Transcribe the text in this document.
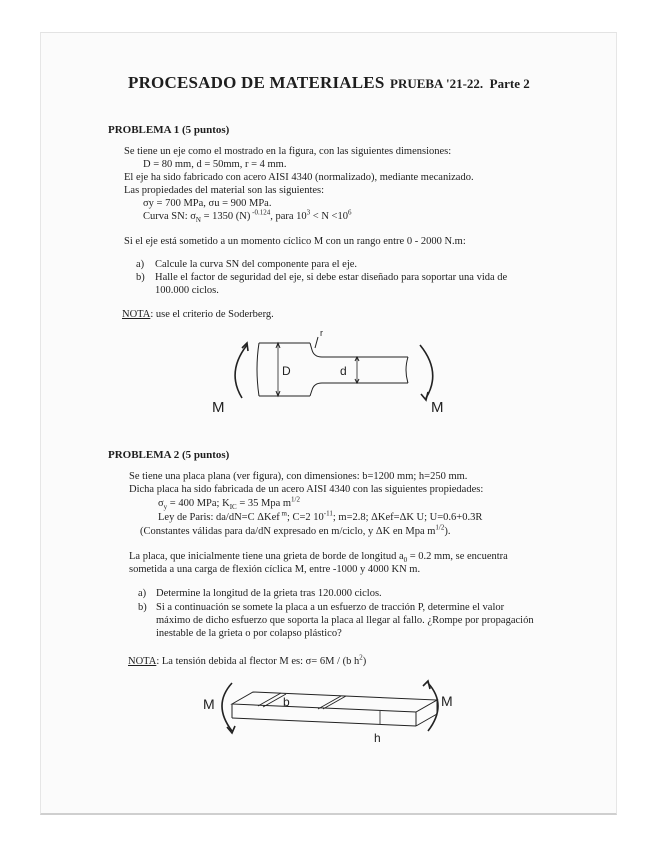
PROCESADO DE MATERIALES PRUEBA '21-22. Parte 2
PROBLEMA 1 (5 puntos)
Se tiene un eje como el mostrado en la figura, con las siguientes dimensiones:
D = 80 mm, d = 50mm, r = 4 mm.
El eje ha sido fabricado con acero AISI 4340 (normalizado), mediante mecanizado.
Las propiedades del material son las siguientes:
σy = 700 MPa, σu = 900 MPa.
Curva SN: $\sigma_N = 1350$ (N) $^{-0.124}$, para $10^3 < N <10^6$
Si el eje está sometido a un momento cíclico M con un rango entre 0 - 2000 N.m:
a) Calcule la curva SN del componente para el eje.
b) Halle el factor de seguridad del eje, si debe estar diseñado para soportar una vida de
100.000 ciclos.
NOTA: use el criterio de Soderberg.
r
D	d
M	M
PROBLEMA 2 (5 puntos)
Se tiene una placa plana (ver figura), con dimensiones: b=1200 mm; h=250 mm.
Dicha placa ha sido fabricada de un acero AISI 4340 con las siguientes propiedades:
$\sigma_y = 400$ MPa; $K_{IC} = 35$ Mpa $m^{1/2}$
Ley de Paris: da/dN=C ΔKef $^m$; C=2 $10^{-11}$; m=2.8; ΔKef=ΔK U; U=0.6+0.3R
(Constantes válidas para da/dN expresado en m/ciclo, y ΔK en Mpa $m^{1/2}$).
La placa, que inicialmente tiene una grieta de borde de longitud $a_0 = 0.2$ mm, se encuentra
sometida a una carga de flexión cíclica M, entre -1000 y 4000 KN m.
a) Determine la longitud de la grieta tras 120.000 ciclos.
b) Si a continuación se somete la placa a un esfuerzo de tracción P, determine el valor
máximo de dicho esfuerzo que soporta la placa al llegar al fallo. ¿Rompe por propagación
inestable de la grieta o por colapso plástico?
NOTA: La tensión debida al flector M es: σ= 6M / (b $h^2$)
M	M
b
h
